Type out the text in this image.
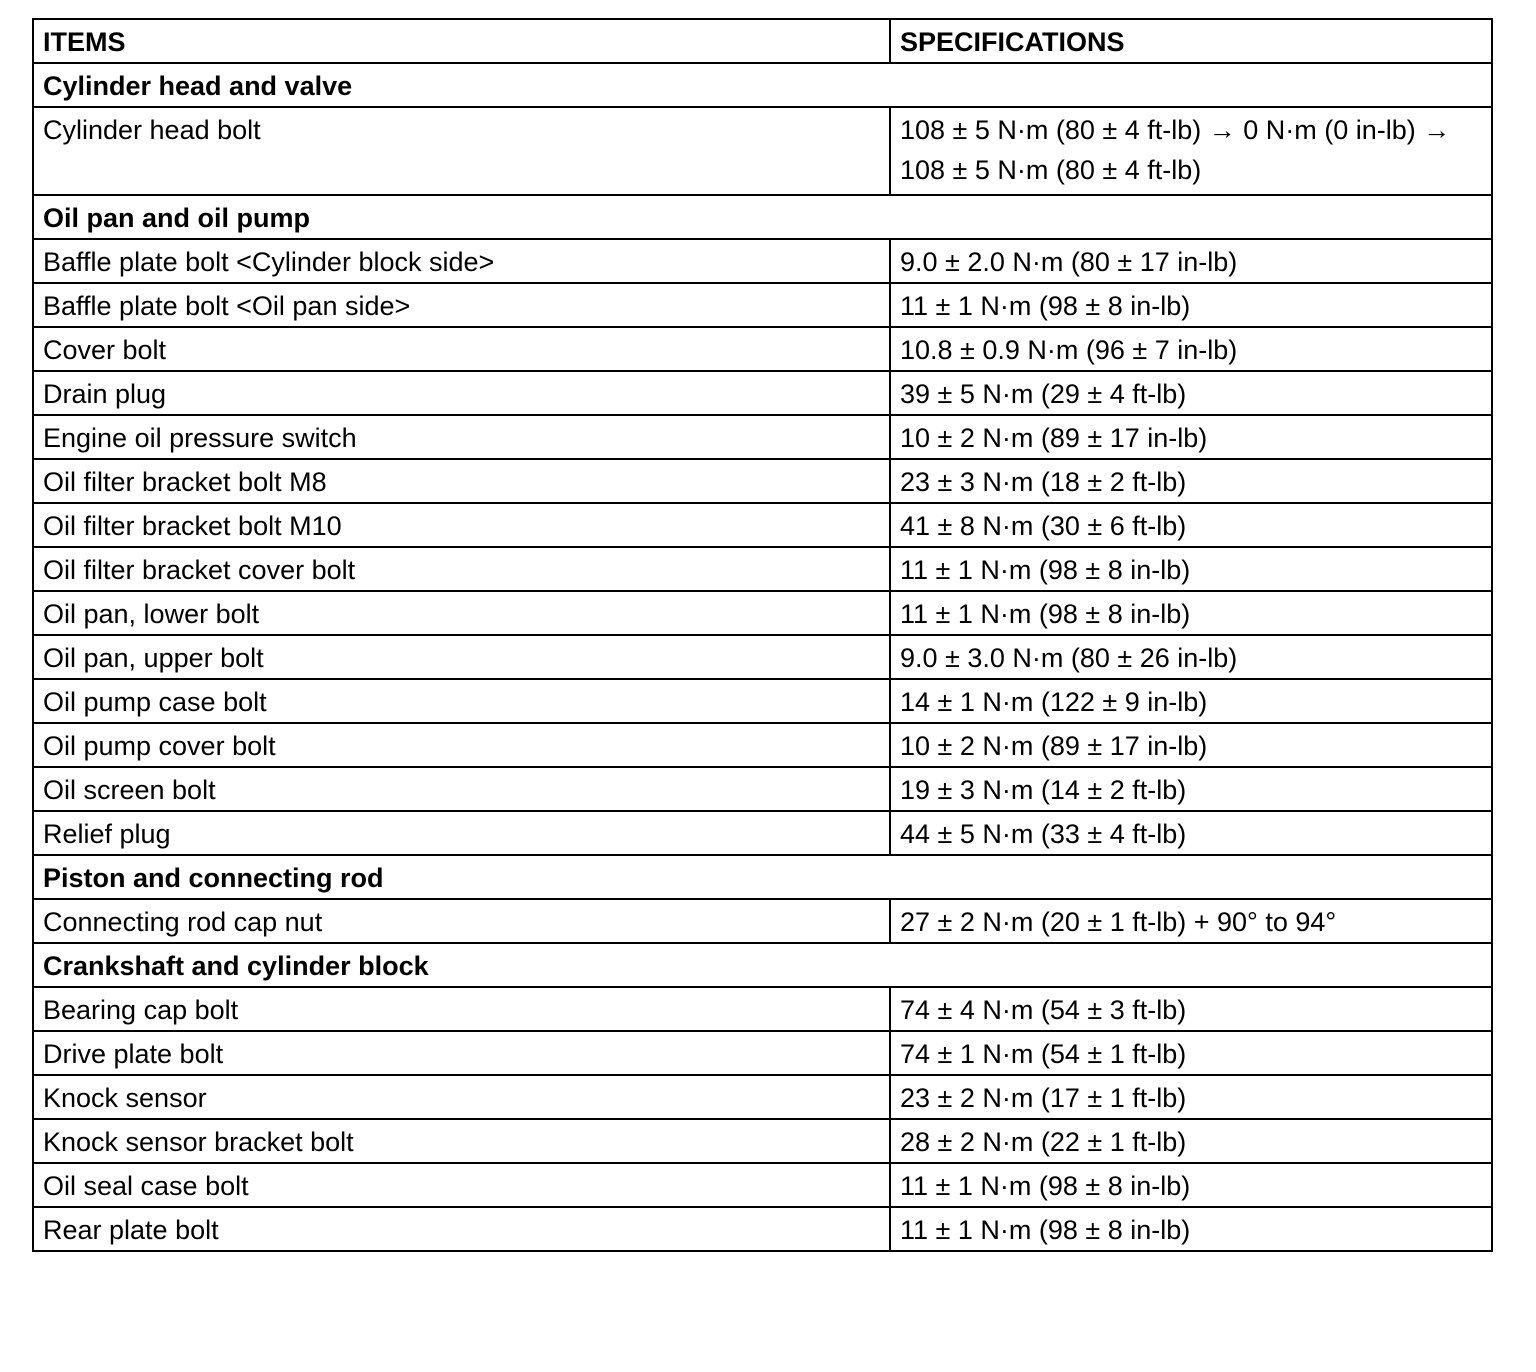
ITEMS	SPECIFICATIONS
Cylinder head and valve	
Cylinder head bolt	108 ± 5 N·m (80 ± 4 ft-lb) → 0 N·m (0 in-lb) → 108 ± 5 N·m (80 ± 4 ft-lb)
Oil pan and oil pump	
Baffle plate bolt <Cylinder block side>	9.0 ± 2.0 N·m (80 ± 17 in-lb)
Baffle plate bolt <Oil pan side>	11 ± 1 N·m (98 ± 8 in-lb)
Cover bolt	10.8 ± 0.9 N·m (96 ± 7 in-lb)
Drain plug	39 ± 5 N·m (29 ± 4 ft-lb)
Engine oil pressure switch	10 ± 2 N·m (89 ± 17 in-lb)
Oil filter bracket bolt M8	23 ± 3 N·m (18 ± 2 ft-lb)
Oil filter bracket bolt M10	41 ± 8 N·m (30 ± 6 ft-lb)
Oil filter bracket cover bolt	11 ± 1 N·m (98 ± 8 in-lb)
Oil pan, lower bolt	11 ± 1 N·m (98 ± 8 in-lb)
Oil pan, upper bolt	9.0 ± 3.0 N·m (80 ± 26 in-lb)
Oil pump case bolt	14 ± 1 N·m (122 ± 9 in-lb)
Oil pump cover bolt	10 ± 2 N·m (89 ± 17 in-lb)
Oil screen bolt	19 ± 3 N·m (14 ± 2 ft-lb)
Relief plug	44 ± 5 N·m (33 ± 4 ft-lb)
Piston and connecting rod	
Connecting rod cap nut	27 ± 2 N·m (20 ± 1 ft-lb) + 90° to 94°
Crankshaft and cylinder block	
Bearing cap bolt	74 ± 4 N·m (54 ± 3 ft-lb)
Drive plate bolt	74 ± 1 N·m (54 ± 1 ft-lb)
Knock sensor	23 ± 2 N·m (17 ± 1 ft-lb)
Knock sensor bracket bolt	28 ± 2 N·m (22 ± 1 ft-lb)
Oil seal case bolt	11 ± 1 N·m (98 ± 8 in-lb)
Rear plate bolt	11 ± 1 N·m (98 ± 8 in-lb)
